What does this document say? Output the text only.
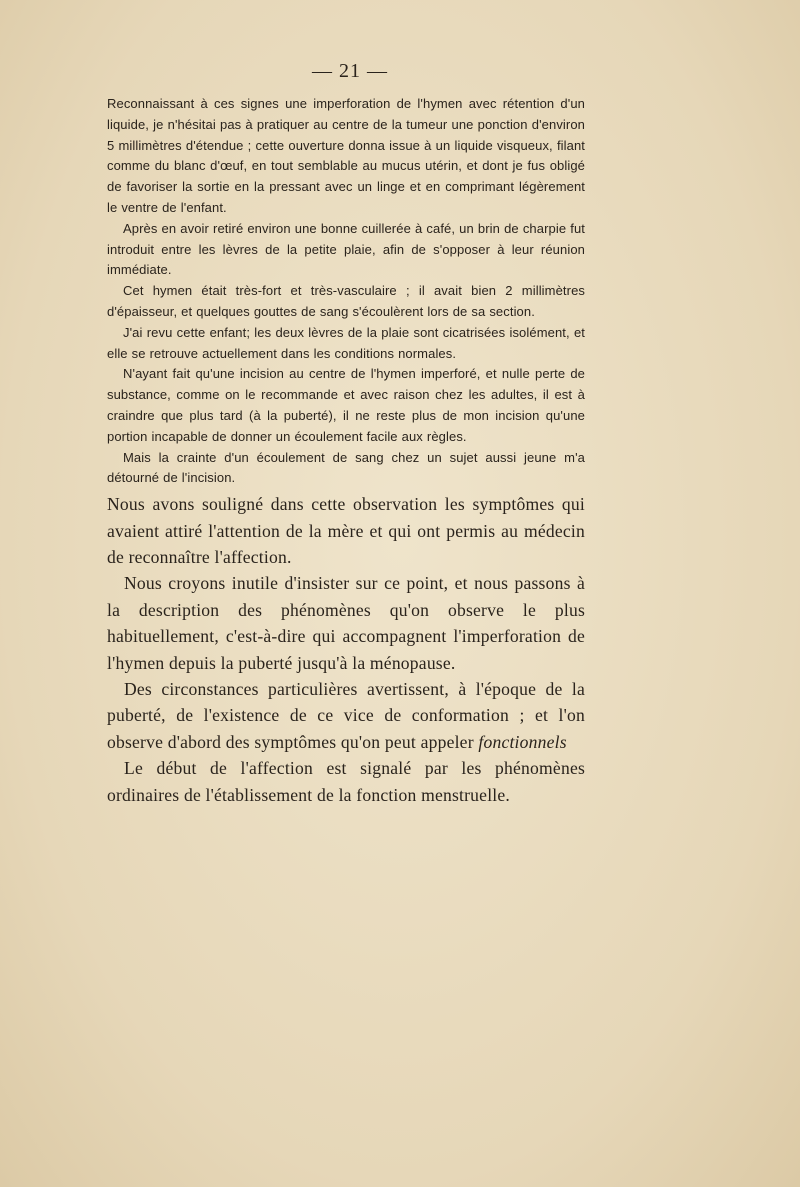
— 21 —

Reconnaissant à ces signes une imperforation de l'hymen avec rétention d'un liquide, je n'hésitai pas à pratiquer au centre de la tumeur une ponction d'environ 5 millimètres d'étendue ; cette ouverture donna issue à un liquide visqueux, filant comme du blanc d'œuf, en tout semblable au mucus utérin, et dont je fus obligé de favoriser la sortie en la pressant avec un linge et en comprimant légèrement le ventre de l'enfant.

Après en avoir retiré environ une bonne cuillerée à café, un brin de charpie fut introduit entre les lèvres de la petite plaie, afin de s'opposer à leur réunion immédiate.

Cet hymen était très-fort et très-vasculaire ; il avait bien 2 millimètres d'épaisseur, et quelques gouttes de sang s'écoulèrent lors de sa section.

J'ai revu cette enfant; les deux lèvres de la plaie sont cicatrisées isolément, et elle se retrouve actuellement dans les conditions normales.

N'ayant fait qu'une incision au centre de l'hymen imperforé, et nulle perte de substance, comme on le recommande et avec raison chez les adultes, il est à craindre que plus tard (à la puberté), il ne reste plus de mon incision qu'une portion incapable de donner un écoulement facile aux règles.

Mais la crainte d'un écoulement de sang chez un sujet aussi jeune m'a détourné de l'incision.

Nous avons souligné dans cette observation les symptômes qui avaient attiré l'attention de la mère et qui ont permis au médecin de reconnaître l'affection.

Nous croyons inutile d'insister sur ce point, et nous passons à la description des phénomènes qu'on observe le plus habituellement, c'est-à-dire qui accompagnent l'imperforation de l'hymen depuis la puberté jusqu'à la ménopause.

Des circonstances particulières avertissent, à l'époque de la puberté, de l'existence de ce vice de conformation ; et l'on observe d'abord des symptômes qu'on peut appeler fonctionnels

Le début de l'affection est signalé par les phénomènes ordinaires de l'établissement de la fonction menstruelle.
